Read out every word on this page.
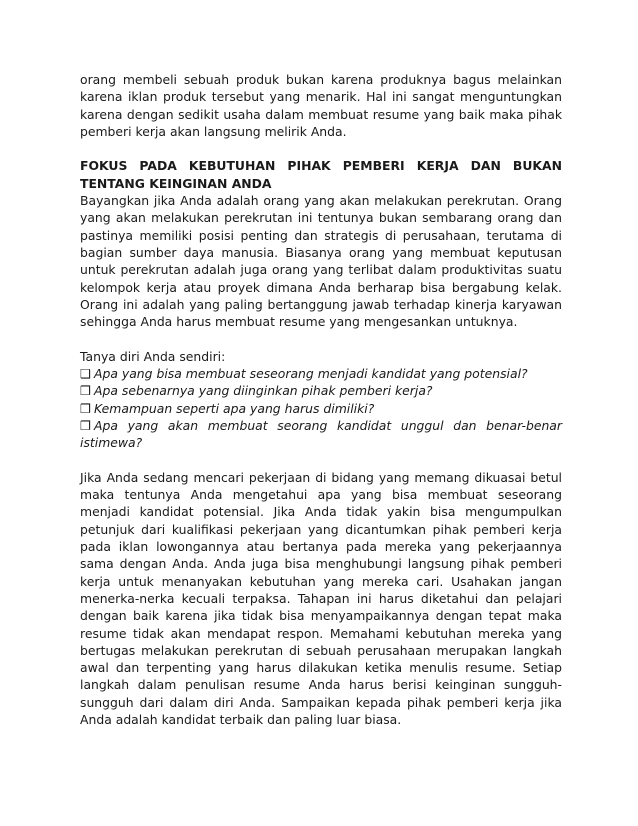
orang membeli sebuah produk bukan karena produknya bagus melainkan karena iklan produk tersebut yang menarik. Hal ini sangat menguntungkan karena dengan sedikit usaha dalam membuat resume yang baik maka pihak pemberi kerja akan langsung melirik Anda.

FOKUS PADA KEBUTUHAN PIHAK PEMBERI KERJA DAN BUKAN TENTANG KEINGINAN ANDA

Bayangkan jika Anda adalah orang yang akan melakukan perekrutan. Orang yang akan melakukan perekrutan ini tentunya bukan sembarang orang dan pastinya memiliki posisi penting dan strategis di perusahaan, terutama di bagian sumber daya manusia. Biasanya orang yang membuat keputusan untuk perekrutan adalah juga orang yang terlibat dalam produktivitas suatu kelompok kerja atau proyek dimana Anda berharap bisa bergabung kelak. Orang ini adalah yang paling bertanggung jawab terhadap kinerja karyawan sehingga Anda harus membuat resume yang mengesankan untuknya.

Tanya diri Anda sendiri:

❑ Apa yang bisa membuat seseorang menjadi kandidat yang potensial?

❒ Apa sebenarnya yang diinginkan pihak pemberi kerja?

❒ Kemampuan seperti apa yang harus dimiliki?

❒ Apa yang akan membuat seorang kandidat unggul dan benar-benar istimewa?

Jika Anda sedang mencari pekerjaan di bidang yang memang dikuasai betul maka tentunya Anda mengetahui apa yang bisa membuat seseorang menjadi kandidat potensial. Jika Anda tidak yakin bisa mengumpulkan petunjuk dari kualifikasi pekerjaan yang dicantumkan pihak pemberi kerja pada iklan lowongannya atau bertanya pada mereka yang pekerjaannya sama dengan Anda. Anda juga bisa menghubungi langsung pihak pemberi kerja untuk menanyakan kebutuhan yang mereka cari. Usahakan jangan menerka-nerka kecuali terpaksa. Tahapan ini harus diketahui dan pelajari dengan baik karena jika tidak bisa menyampaikannya dengan tepat maka resume tidak akan mendapat respon. Memahami kebutuhan mereka yang bertugas melakukan perekrutan di sebuah perusahaan merupakan langkah awal dan terpenting yang harus dilakukan ketika menulis resume. Setiap langkah dalam penulisan resume Anda harus berisi keinginan sungguh-sungguh dari dalam diri Anda. Sampaikan kepada pihak pemberi kerja jika Anda adalah kandidat terbaik dan paling luar biasa.
